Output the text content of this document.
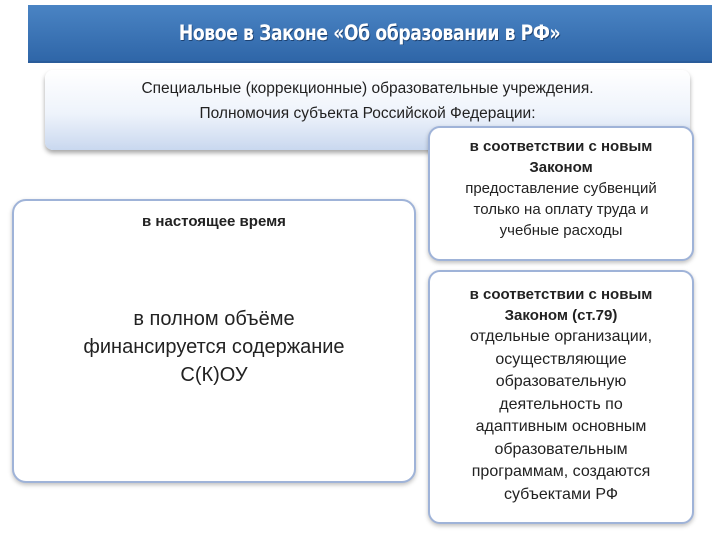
Новое в Законе «Об образовании в РФ»
Специальные (коррекционные) образовательные учреждения.
Полномочия субъекта Российской Федерации:
в настоящее время
в полном объёме
финансируется содержание
С(К)ОУ
в соответствии с новым
Законом
предоставление субвенций
только на оплату труда и
учебные расходы
в соответствии с новым
Законом (ст.79)
отдельные организации,
осуществляющие
образовательную
деятельность по
адаптивным основным
образовательным
программам, создаются
субъектами РФ
